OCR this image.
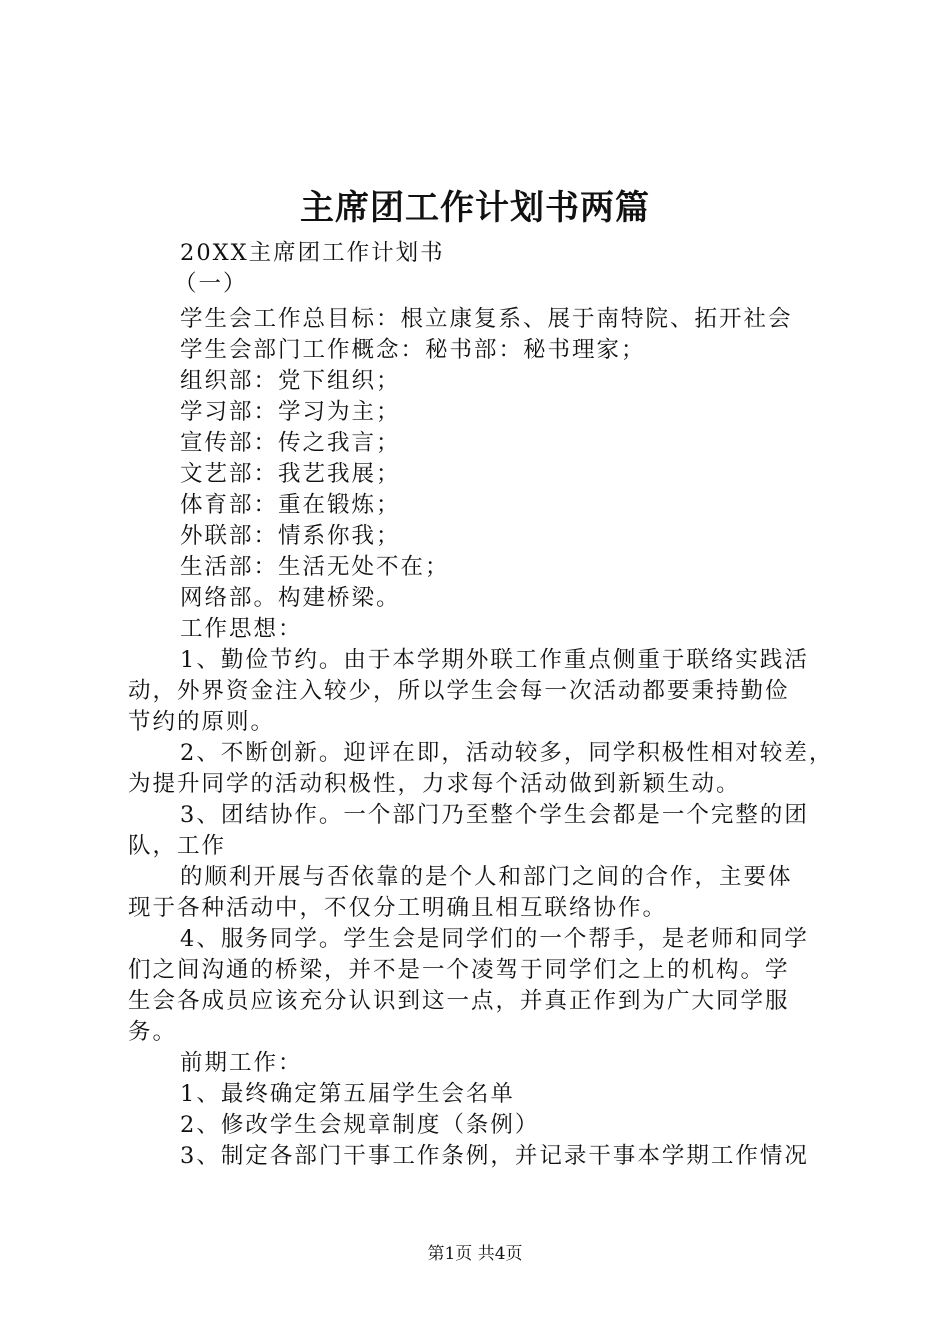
主席团工作计划书两篇
20XX主席团工作计划书
（一）
学生会工作总目标：根立康复系、展于南特院、拓开社会
学生会部门工作概念：秘书部：秘书理家；
组织部：党下组织；
学习部：学习为主；
宣传部：传之我言；
文艺部：我艺我展；
体育部：重在锻炼；
外联部：情系你我；
生活部：生活无处不在；
网络部。构建桥梁。
工作思想：
1、勤俭节约。由于本学期外联工作重点侧重于联络实践活
动，外界资金注入较少，所以学生会每一次活动都要秉持勤俭
节约的原则。
2、不断创新。迎评在即，活动较多，同学积极性相对较差，
为提升同学的活动积极性，力求每个活动做到新颖生动。
3、团结协作。一个部门乃至整个学生会都是一个完整的团
队，工作
的顺利开展与否依靠的是个人和部门之间的合作，主要体
现于各种活动中，不仅分工明确且相互联络协作。
4、服务同学。学生会是同学们的一个帮手，是老师和同学
们之间沟通的桥梁，并不是一个凌驾于同学们之上的机构。学
生会各成员应该充分认识到这一点，并真正作到为广大同学服
务。
前期工作：
1、最终确定第五届学生会名单
2、修改学生会规章制度（条例）
3、制定各部门干事工作条例，并记录干事本学期工作情况
第1页 共4页
